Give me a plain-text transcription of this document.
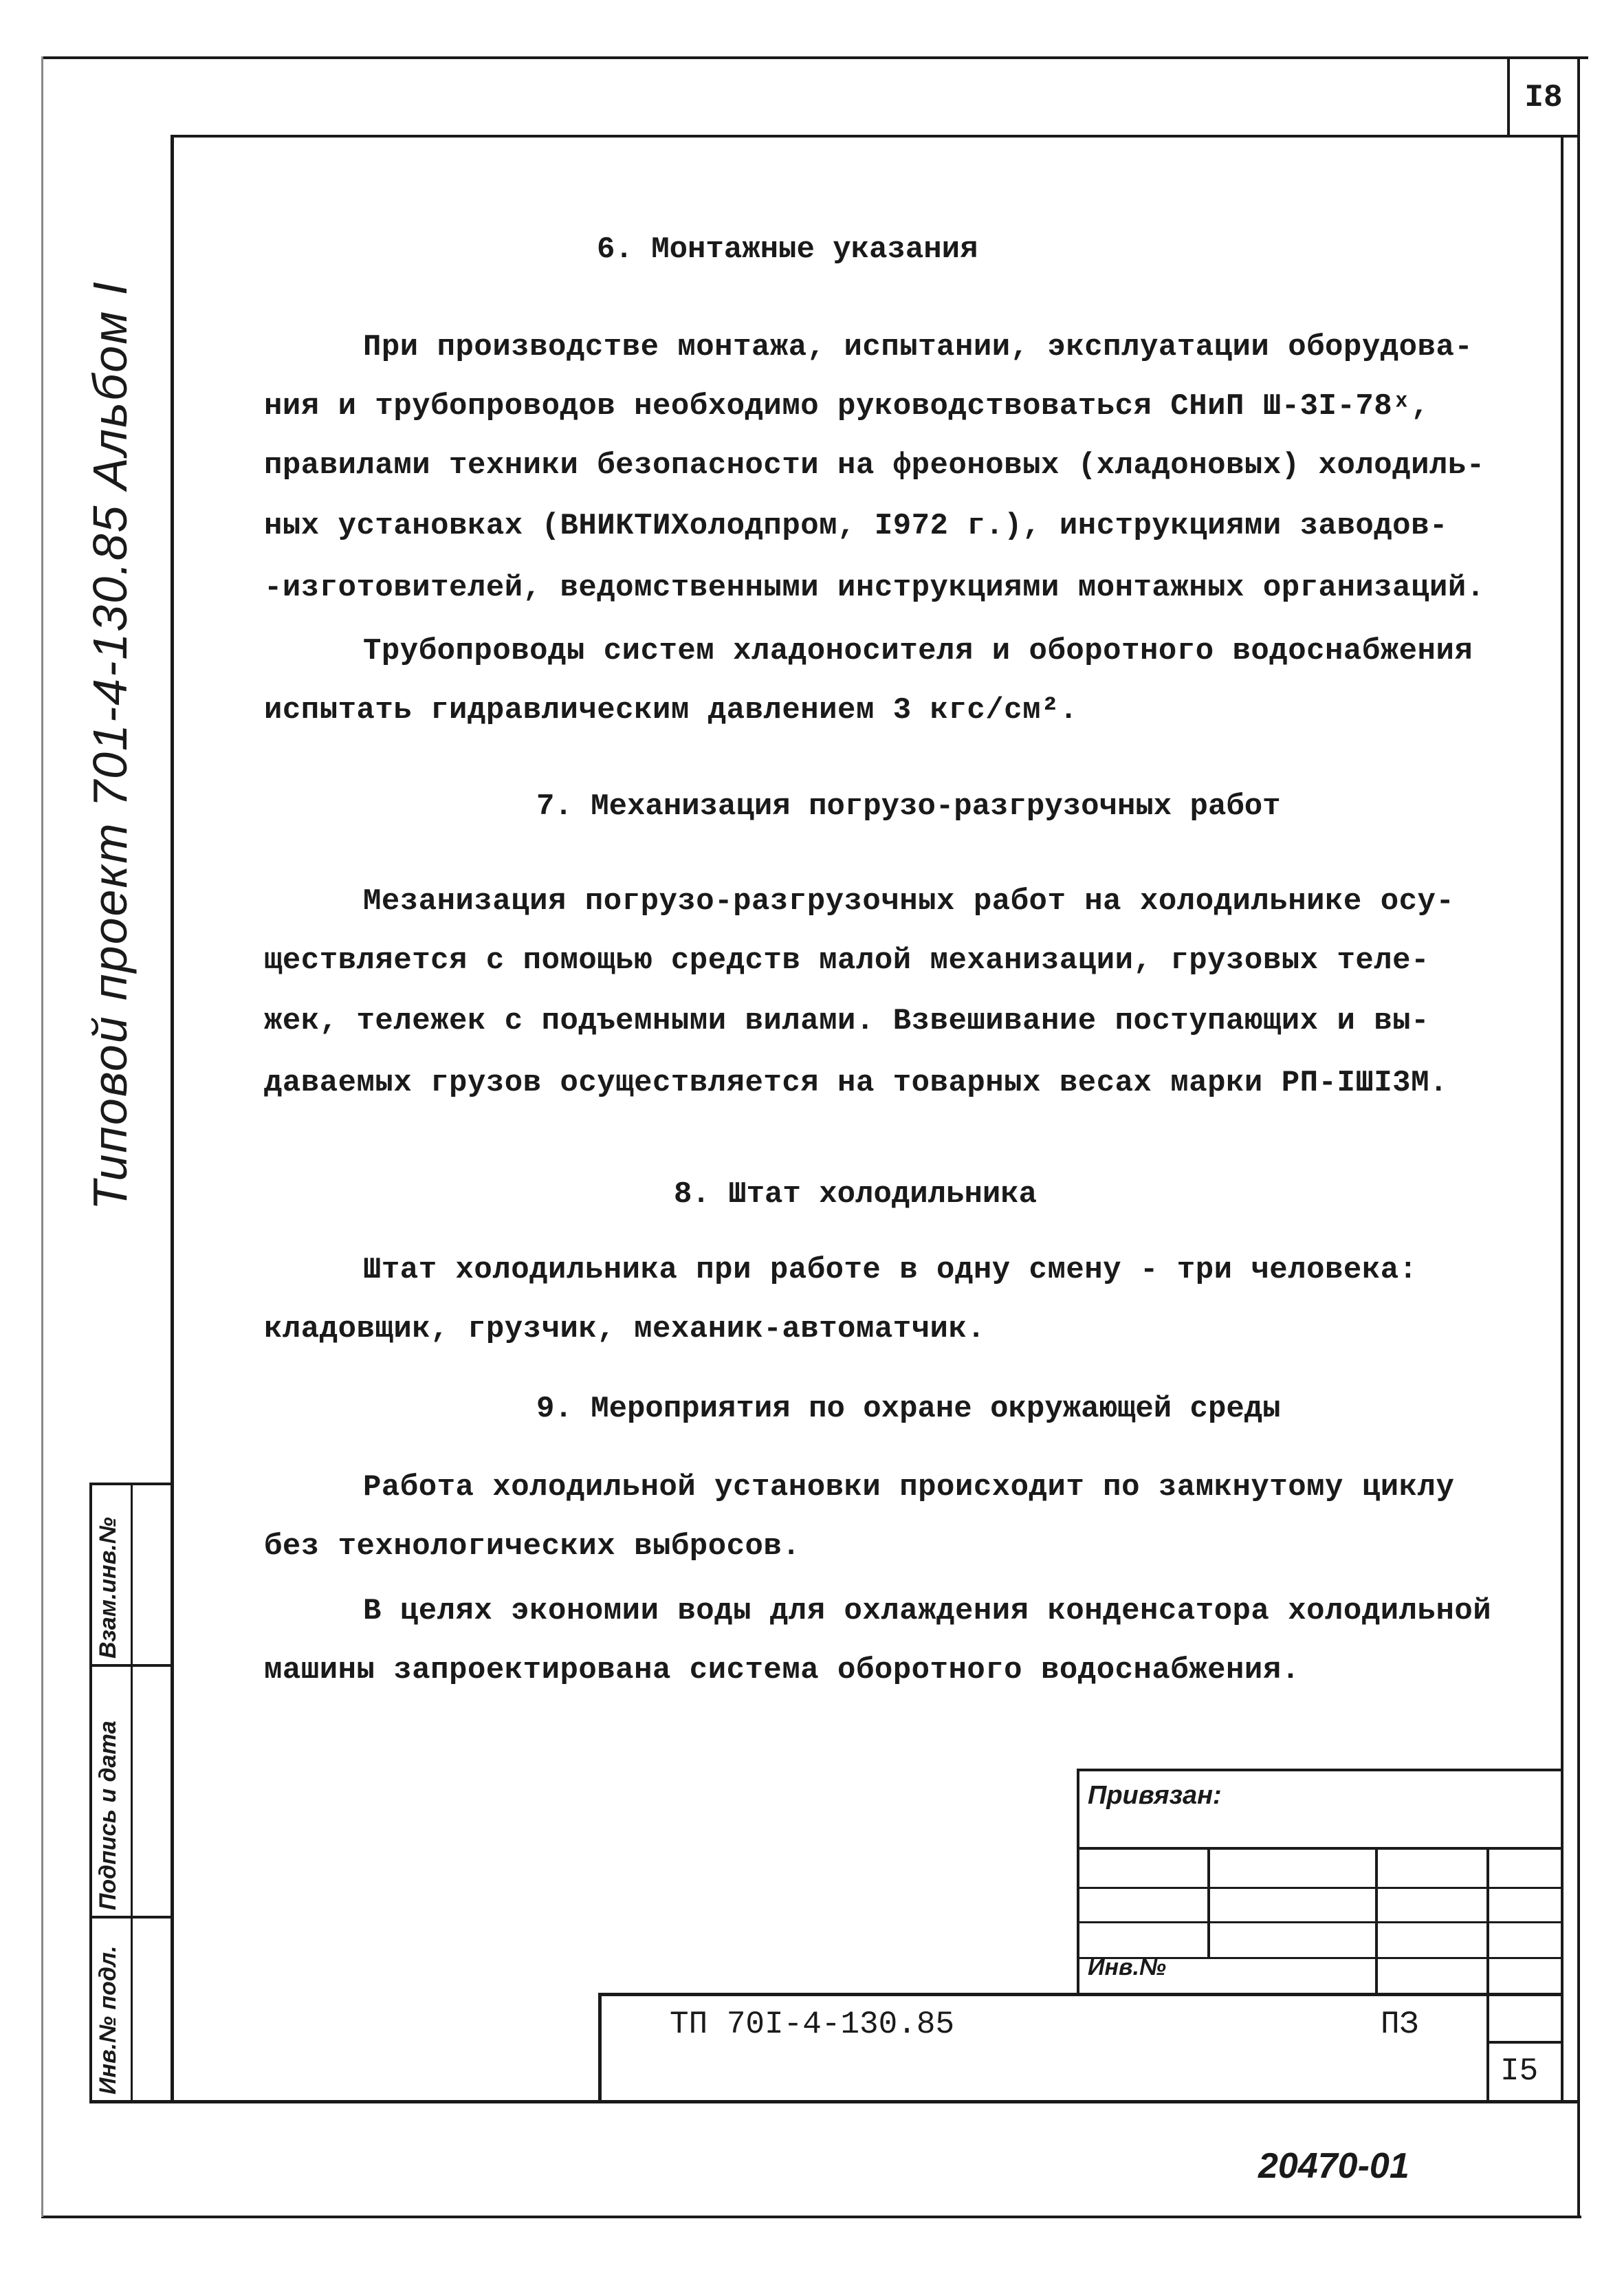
I8
Типовой проект 701-4-130.85 Альбом I
Взам.инв.№
Подпись и дата
Инв.№ подл.
6. Монтажные указания
При производстве монтажа, испытании, эксплуатации оборудова-
ния и трубопроводов необходимо руководствоваться СНиП Ш-3I-78ˣ,
правилами техники безопасности на фреоновых (хладоновых) холодиль-
ных установках (ВНИКТИХолодпром, I972 г.), инструкциями заводов-
-изготовителей, ведомственными инструкциями монтажных организаций.
Трубопроводы систем хладоносителя и оборотного водоснабжения
испытать гидравлическим давлением 3 кгс/см².
7. Механизация погрузо-разгрузочных работ
Мезанизация погрузо-разгрузочных работ на холодильнике осу-
ществляется с помощью средств малой механизации, грузовых теле-
жек, тележек с подъемными вилами. Взвешивание поступающих и вы-
даваемых грузов осуществляется на товарных весах марки РП-IШI3М.
8. Штат холодильника
Штат холодильника при работе в одну смену - три человека:
кладовщик, грузчик, механик-автоматчик.
9. Мероприятия по охране окружающей среды
Работа холодильной установки происходит по замкнутому циклу
без технологических выбросов.
В целях экономии воды для охлаждения конденсатора холодильной
машины запроектирована система оборотного водоснабжения.
Привязан:
Инв.№
ТП 70I-4-130.85	ПЗ
I5
20470-01
